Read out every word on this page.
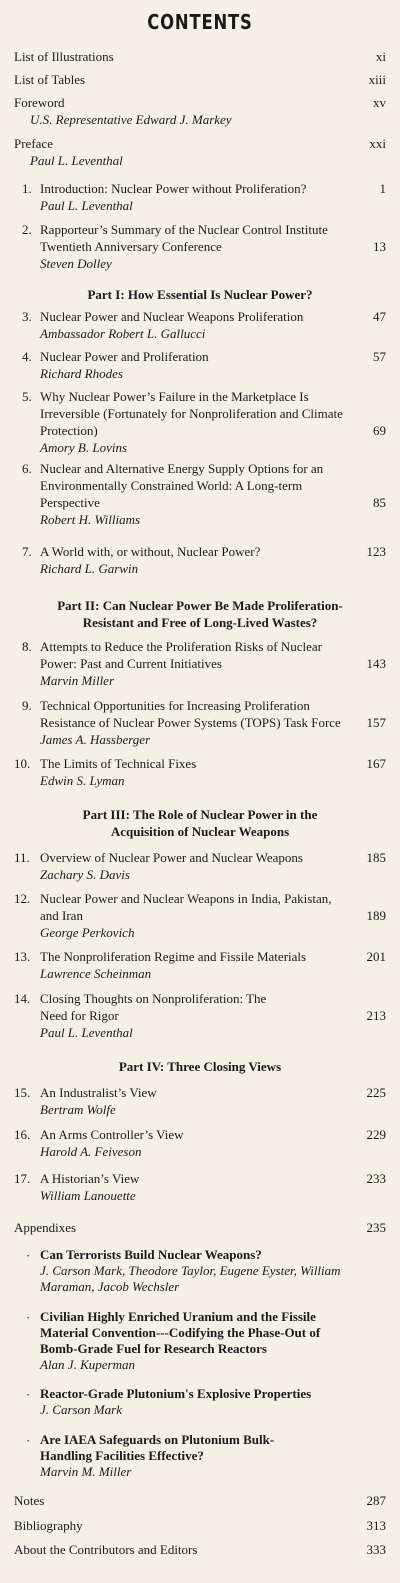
CONTENTS
List of Illustrations	xi
List of Tables	xiii
Foreword	xv
U.S. Representative Edward J. Markey
Preface	xxi
Paul L. Leventhal
1. Introduction: Nuclear Power without Proliferation?	1
Paul L. Leventhal
2. Rapporteur’s Summary of the Nuclear Control Institute Twentieth Anniversary Conference	13
Steven Dolley
Part I: How Essential Is Nuclear Power?
3. Nuclear Power and Nuclear Weapons Proliferation	47
Ambassador Robert L. Gallucci
4. Nuclear Power and Proliferation	57
Richard Rhodes
5. Why Nuclear Power’s Failure in the Marketplace Is Irreversible (Fortunately for Nonproliferation and Climate Protection)	69
Amory B. Lovins
6. Nuclear and Alternative Energy Supply Options for an Environmentally Constrained World: A Long-term Perspective	85
Robert H. Williams
7. A World with, or without, Nuclear Power?	123
Richard L. Garwin
Part II: Can Nuclear Power Be Made Proliferation-Resistant and Free of Long-Lived Wastes?
8. Attempts to Reduce the Proliferation Risks of Nuclear Power: Past and Current Initiatives	143
Marvin Miller
9. Technical Opportunities for Increasing Proliferation Resistance of Nuclear Power Systems (TOPS) Task Force	157
James A. Hassberger
10. The Limits of Technical Fixes	167
Edwin S. Lyman
Part III: The Role of Nuclear Power in the Acquisition of Nuclear Weapons
11. Overview of Nuclear Power and Nuclear Weapons	185
Zachary S. Davis
12. Nuclear Power and Nuclear Weapons in India, Pakistan, and Iran	189
George Perkovich
13. The Nonproliferation Regime and Fissile Materials	201
Lawrence Scheinman
14. Closing Thoughts on Nonproliferation: The Need for Rigor	213
Paul L. Leventhal
Part IV: Three Closing Views
15. An Industralist’s View	225
Bertram Wolfe
16. An Arms Controller’s View	229
Harold A. Feiveson
17. A Historian’s View	233
William Lanouette
Appendixes	235
· Can Terrorists Build Nuclear Weapons?
J. Carson Mark, Theodore Taylor, Eugene Eyster, William Maraman, Jacob Wechsler
· Civilian Highly Enriched Uranium and the Fissile Material Convention---Codifying the Phase-Out of Bomb-Grade Fuel for Research Reactors
Alan J. Kuperman
· Reactor-Grade Plutonium's Explosive Properties
J. Carson Mark
· Are IAEA Safeguards on Plutonium Bulk-Handling Facilities Effective?
Marvin M. Miller
Notes	287
Bibliography	313
About the Contributors and Editors	333
